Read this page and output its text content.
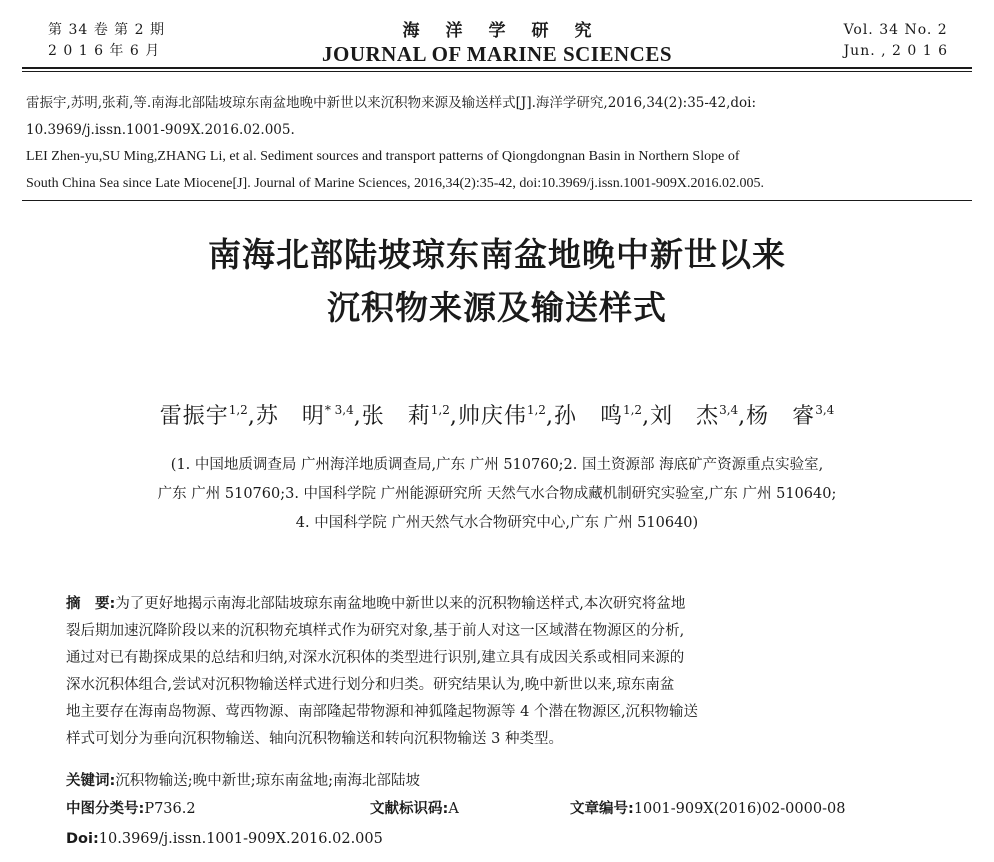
第 34 卷 第 2 期
2 0 1 6 年 6 月
海洋学研究
JOURNAL OF MARINE SCIENCES
Vol. 34 No. 2
Jun. , 2 0 1 6
雷振宇,苏明,张莉,等.南海北部陆坡琼东南盆地晚中新世以来沉积物来源及输送样式[J].海洋学研究,2016,34(2):35-42,doi:
10.3969/j.issn.1001-909X.2016.02.005.
LEI Zhen-yu,SU Ming,ZHANG Li, et al. Sediment sources and transport patterns of Qiongdongnan Basin in Northern Slope of
South China Sea since Late Miocene[J]. Journal of Marine Sciences, 2016,34(2):35-42, doi:10.3969/j.issn.1001-909X.2016.02.005.
南海北部陆坡琼东南盆地晚中新世以来
沉积物来源及输送样式
雷振宇$^{1,2}$,苏　明$^{* 3,4}$,张　莉$^{1,2}$,帅庆伟$^{1,2}$,孙　鸣$^{1,2}$,刘　杰$^{3,4}$,杨　睿$^{3,4}$
(1. 中国地质调查局 广州海洋地质调查局,广东 广州 510760;2. 国土资源部 海底矿产资源重点实验室,
广东 广州 510760;3. 中国科学院 广州能源研究所 天然气水合物成藏机制研究实验室,广东 广州 510640;
4. 中国科学院 广州天然气水合物研究中心,广东 广州 510640)
摘　要:为了更好地揭示南海北部陆坡琼东南盆地晚中新世以来的沉积物输送样式,本次研究将盆地
裂后期加速沉降阶段以来的沉积物充填样式作为研究对象,基于前人对这一区域潜在物源区的分析,
通过对已有勘探成果的总结和归纳,对深水沉积体的类型进行识别,建立具有成因关系或相同来源的
深水沉积体组合,尝试对沉积物输送样式进行划分和归类。研究结果认为,晚中新世以来,琼东南盆
地主要存在海南岛物源、莺西物源、南部隆起带物源和神狐隆起物源等 4 个潜在物源区,沉积物输送
样式可划分为垂向沉积物输送、轴向沉积物输送和转向沉积物输送 3 种类型。
关键词:沉积物输送;晚中新世;琼东南盆地;南海北部陆坡
中图分类号:P736.2	文献标识码:A	文章编号:1001-909X(2016)02-0000-08
Doi:10.3969/j.issn.1001-909X.2016.02.005
